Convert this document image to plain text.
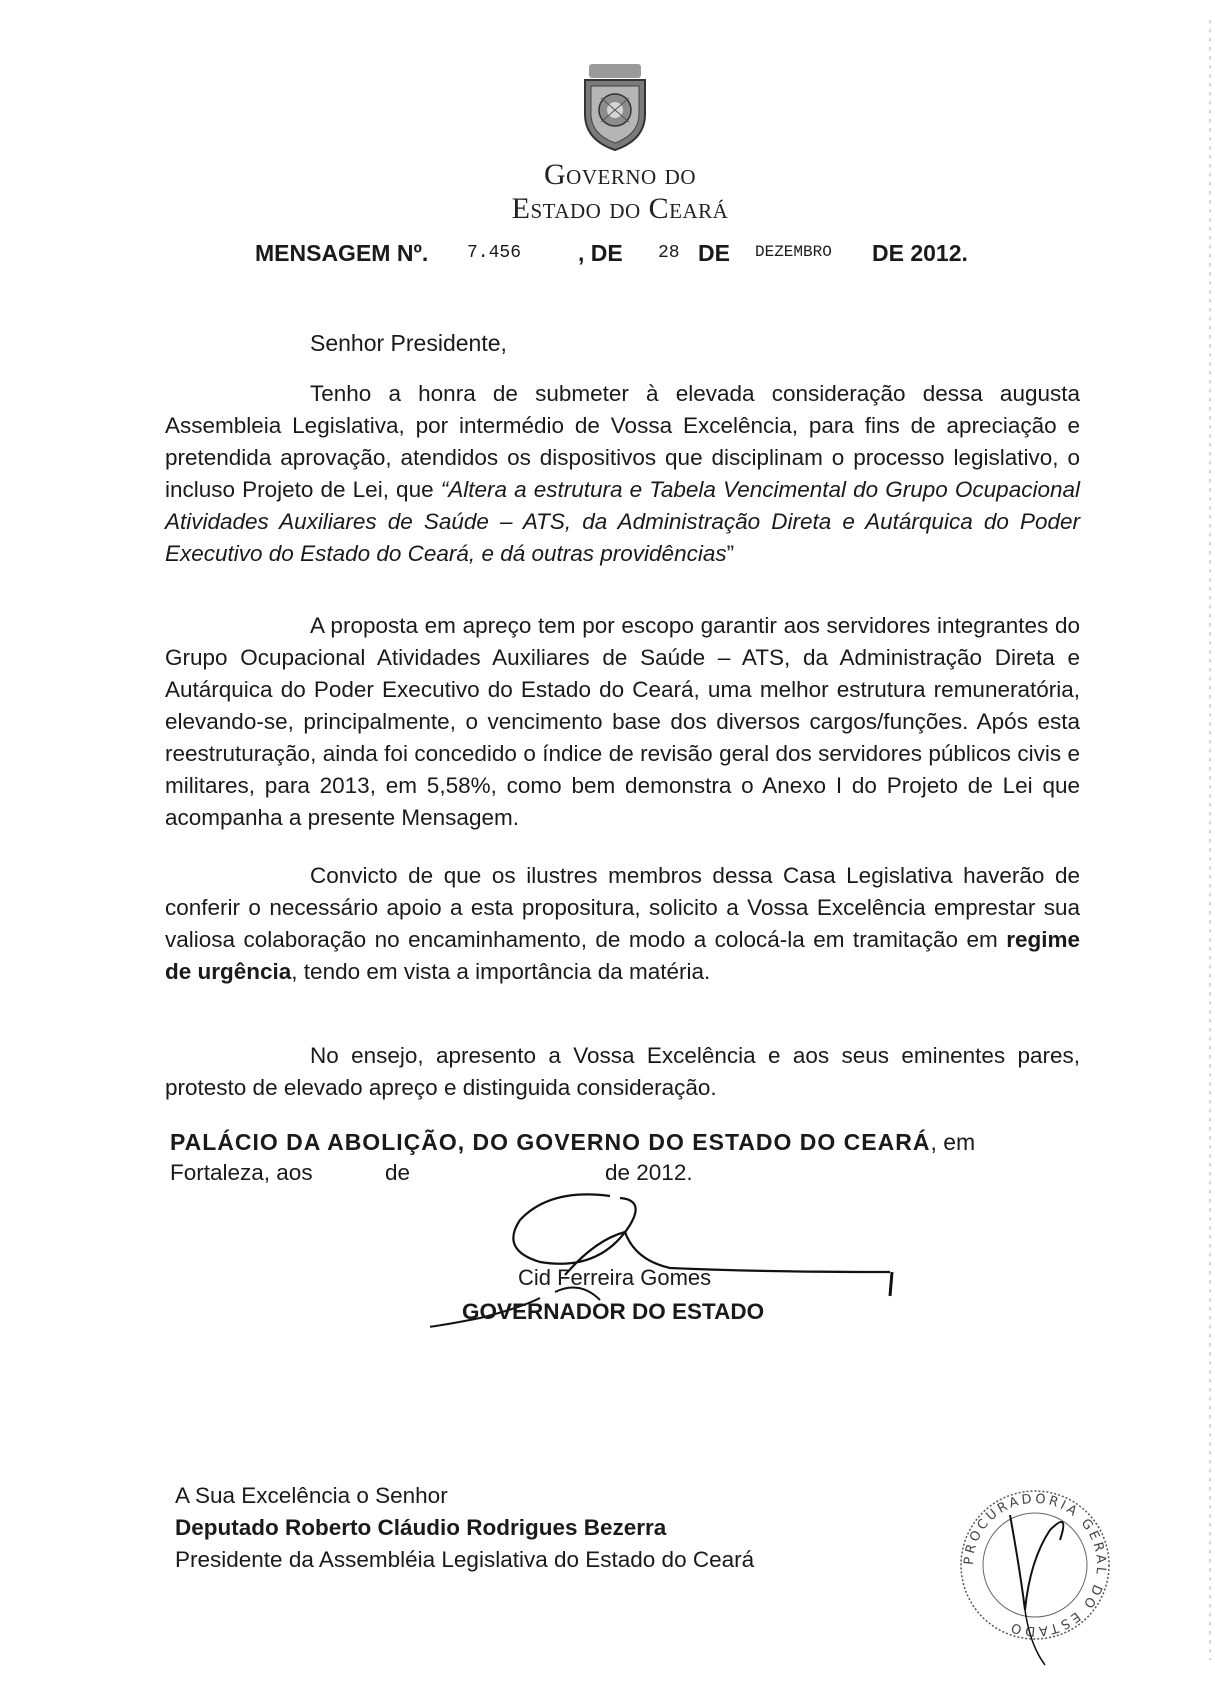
Governo do
Estado do Ceará
MENSAGEM Nº. 7.456 , DE 28 DE DEZEMBRO DE 2012.
Senhor Presidente,
Tenho a honra de submeter à elevada consideração dessa augusta Assembleia Legislativa, por intermédio de Vossa Excelência, para fins de apreciação e pretendida aprovação, atendidos os dispositivos que disciplinam o processo legislativo, o incluso Projeto de Lei, que “Altera a estrutura e Tabela Vencimental do Grupo Ocupacional Atividades Auxiliares de Saúde – ATS, da Administração Direta e Autárquica do Poder Executivo do Estado do Ceará, e dá outras providências”
A proposta em apreço tem por escopo garantir aos servidores integrantes do Grupo Ocupacional Atividades Auxiliares de Saúde – ATS, da Administração Direta e Autárquica do Poder Executivo do Estado do Ceará, uma melhor estrutura remuneratória, elevando-se, principalmente, o vencimento base dos diversos cargos/funções. Após esta reestruturação, ainda foi concedido o índice de revisão geral dos servidores públicos civis e militares, para 2013, em 5,58%, como bem demonstra o Anexo I do Projeto de Lei que acompanha a presente Mensagem.
Convicto de que os ilustres membros dessa Casa Legislativa haverão de conferir o necessário apoio a esta propositura, solicito a Vossa Excelência emprestar sua valiosa colaboração no encaminhamento, de modo a colocá-la em tramitação em regime de urgência, tendo em vista a importância da matéria.
No ensejo, apresento a Vossa Excelência e aos seus eminentes pares, protesto de elevado apreço e distinguida consideração.
PALÁCIO DA ABOLIÇÃO, DO GOVERNO DO ESTADO DO CEARÁ, em
Fortaleza, aos	de	de 2012.
Cid Ferreira Gomes
GOVERNADOR DO ESTADO
A Sua Excelência o Senhor
Deputado Roberto Cláudio Rodrigues Bezerra
Presidente da Assembléia Legislativa do Estado do Ceará	PROCURADORIA GERAL DO ESTADO
